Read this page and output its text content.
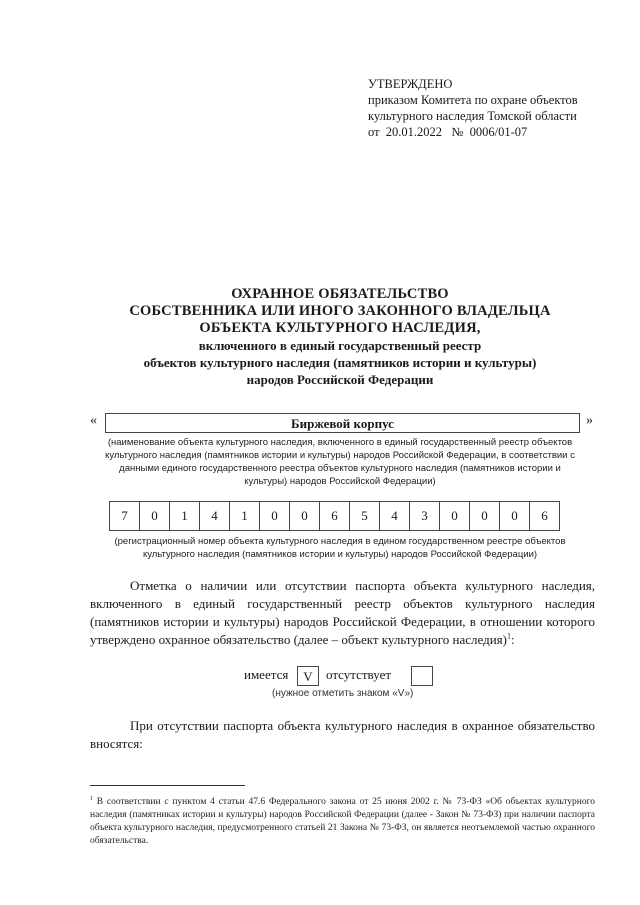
УТВЕРЖДЕНО
приказом Комитета по охране объектов
культурного наследия Томской области
от  20.01.2022   №  0006/01-07
ОХРАННОЕ ОБЯЗАТЕЛЬСТВО
СОБСТВЕННИКА ИЛИ ИНОГО ЗАКОННОГО ВЛАДЕЛЬЦА
ОБЪЕКТА КУЛЬТУРНОГО НАСЛЕДИЯ,
включенного в единый государственный реестр
объектов культурного наследия (памятников истории и культуры)
народов Российской Федерации
«	Биржевой корпус	»
(наименование объекта культурного наследия, включенного в единый государственный реестр объектов
культурного наследия (памятников истории и культуры) народов Российской Федерации, в соответствии с
данными единого государственного реестра объектов культурного наследия (памятников истории и
культуры) народов Российской Федерации)
7	0	1	4	1	0	0	6	5	4	3	0	0	0	6
(регистрационный номер объекта культурного наследия в едином государственном реестре объектов
культурного наследия (памятников истории и культуры) народов Российской Федерации)
Отметка о наличии или отсутствии паспорта объекта культурного наследия, включенного в единый государственный реестр объектов культурного наследия (памятников истории и культуры) народов Российской Федерации, в отношении которого утверждено охранное обязательство (далее – объект культурного наследия)$^1$:
имеется	V	отсутствует
(нужное отметить знаком «V»)
При отсутствии паспорта объекта культурного наследия в охранное обязательство вносятся:
$^1$ В соответствии с пунктом 4 статьи 47.6 Федерального закона от 25 июня 2002 г. № 73-ФЗ «Об объектах культурного наследия (памятниках истории и культуры) народов Российской Федерации (далее - Закон № 73-ФЗ) при наличии паспорта объекта культурного наследия, предусмотренного статьей 21 Закона № 73-ФЗ, он является неотъемлемой частью охранного обязательства.
